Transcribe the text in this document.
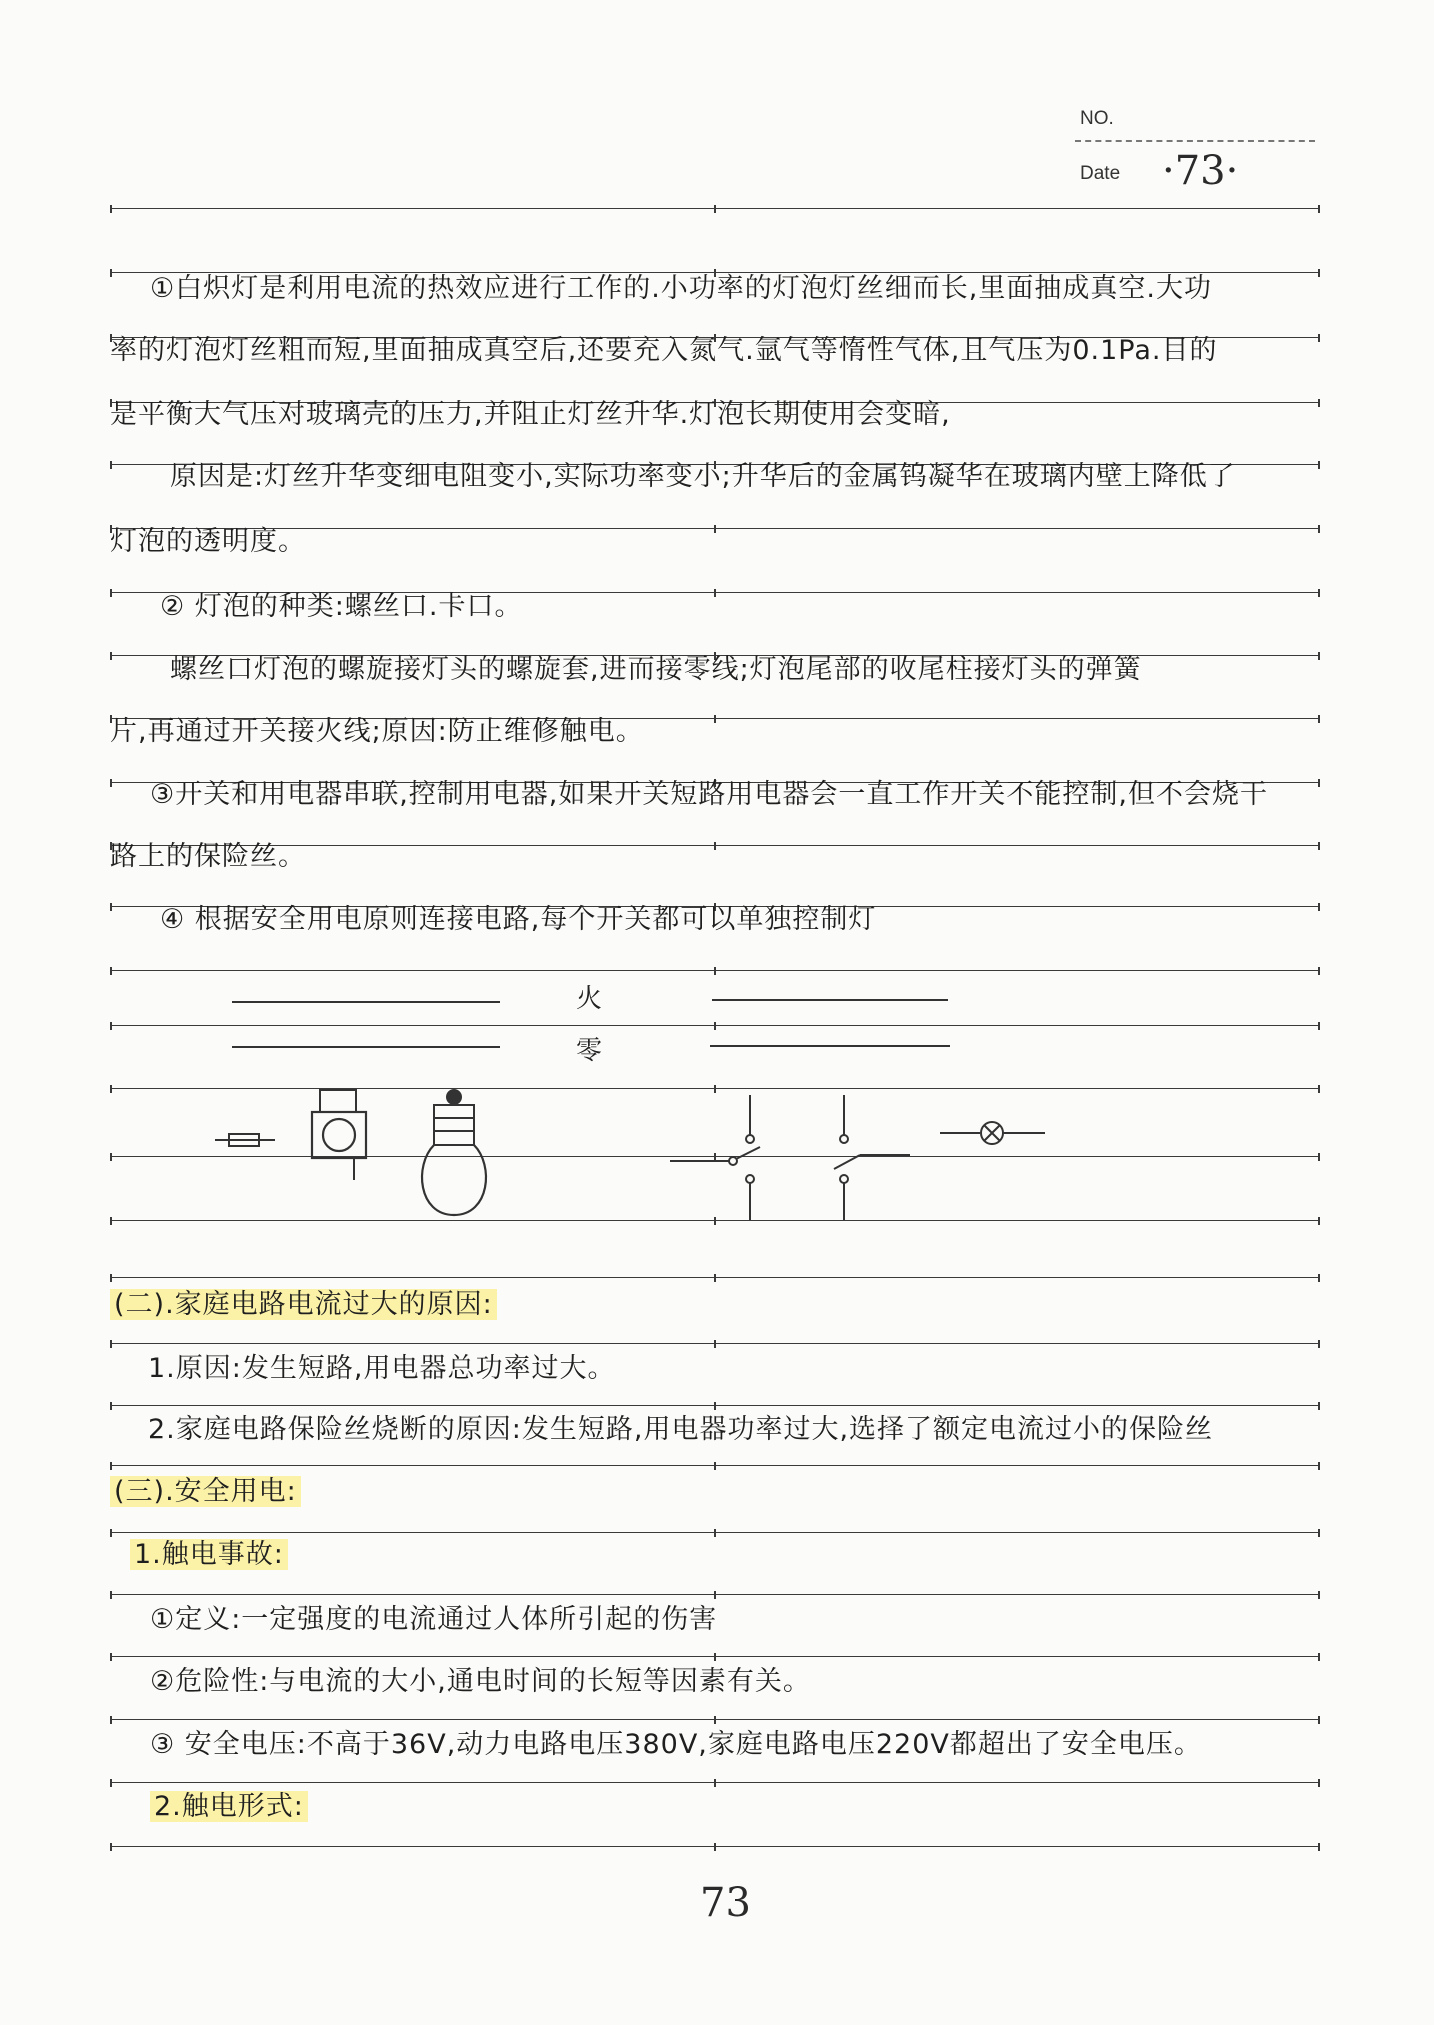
NO.
Date ·73·
①白炽灯是利用电流的热效应进行工作的.小功率的灯泡灯丝细而长,里面抽成真空.大功
率的灯泡灯丝粗而短,里面抽成真空后,还要充入氮气.氩气等惰性气体,且气压为0.1Pa.目的
是平衡大气压对玻璃壳的压力,并阻止灯丝升华.灯泡长期使用会变暗,
原因是:灯丝升华变细电阻变小,实际功率变小;升华后的金属钨凝华在玻璃内壁上降低了
灯泡的透明度。
② 灯泡的种类:螺丝口.卡口。
螺丝口灯泡的螺旋接灯头的螺旋套,进而接零线;灯泡尾部的收尾柱接灯头的弹簧
片,再通过开关接火线;原因:防止维修触电。
③开关和用电器串联,控制用电器,如果开关短路用电器会一直工作开关不能控制,但不会烧干
路上的保险丝。
④ 根据安全用电原则连接电路,每个开关都可以单独控制灯
1.原因:发生短路,用电器总功率过大。
2.家庭电路保险丝烧断的原因:发生短路,用电器功率过大,选择了额定电流过小的保险丝
①定义:一定强度的电流通过人体所引起的伤害
②危险性:与电流的大小,通电时间的长短等因素有关。
③ 安全电压:不高于36V,动力电路电压380V,家庭电路电压220V都超出了安全电压。
(二).家庭电路电流过大的原因:
(三).安全用电:
1.触电事故:
2.触电形式:
火
零
73
